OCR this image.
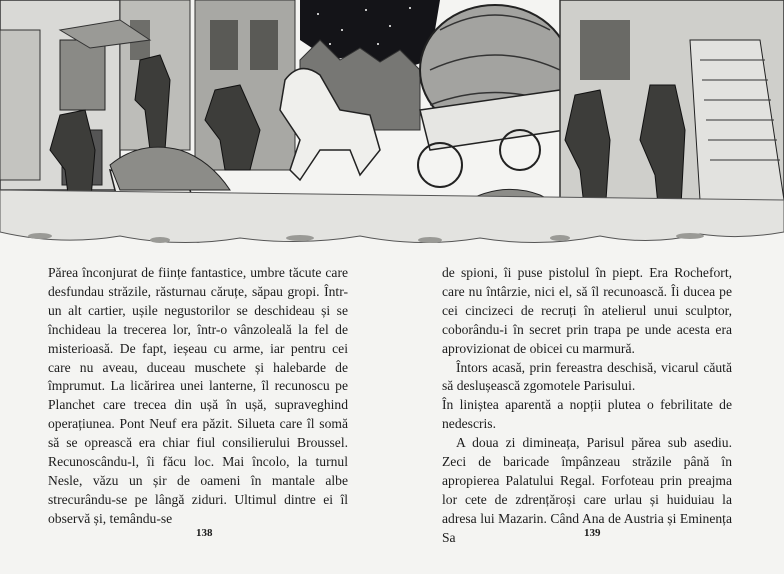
Părea înconjurat de ființe fantastice, umbre tăcute care desfundau străzile, răsturnau căruțe, săpau gropi. Într-un alt cartier, ușile negustorilor se deschideau și se închideau la trecerea lor, într-o vânzoleală la fel de misterioasă. De fapt, ieșeau cu arme, iar pentru cei care nu aveau, duceau muschete și halebarde de împrumut. La licărirea unei lanterne, îl recunoscu pe Planchet care trecea din ușă în ușă, supraveghind operațiunea. Pont Neuf era păzit. Silueta care îl somă să se oprească era chiar fiul consilierului Broussel. Recunoscându-l, îi făcu loc. Mai încolo, la turnul Nesle, văzu un șir de oameni în mantale albe strecurându-se pe lângă ziduri. Ultimul dintre ei îl observă și, temându-se

de spioni, îi puse pistolul în piept. Era Rochefort, care nu întârzie, nici el, să îl recunoască. Îi ducea pe cei cincizeci de recruți în atelierul unui sculptor, coborându-i în secret prin trapa pe unde acesta era aprovizionat de obicei cu marmură.

Întors acasă, prin fereastra deschisă, vicarul căută să deslușească zgomotele Parisului.

În liniștea aparentă a nopții plutea o febrilitate de nedescris.

A doua zi dimineața, Parisul părea sub asediu. Zeci de baricade împânzeau străzile până în apropierea Palatului Regal. Forfoteau prin preajma lor cete de zdrențăroși care urlau și huiduiau la adresa lui Mazarin. Când Ana de Austria și Eminența Sa

138	139
